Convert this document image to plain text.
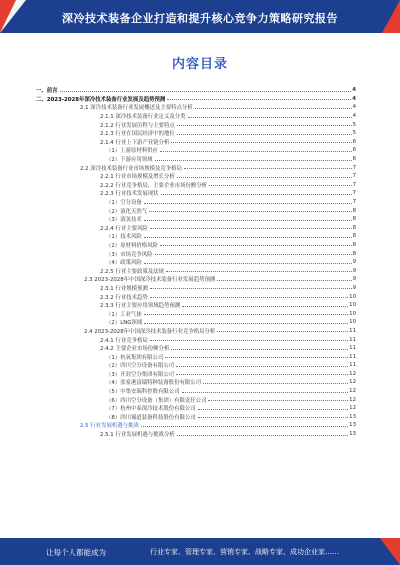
深冷技术装备企业打造和提升核心竞争力策略研究报告
内容目录
一、前言	4
二、2023-2028年深冷技术装备行业发展及趋势预测	4
2.1 深冷技术装备行业发展概述及主要特点分析	4
2.1.1 深冷技术装备行业定义及分类	4
2.1.2 行业发展历程与主要特点	5
2.1.3 行业在国民经济中的地位	5
2.1.4 行业上下游产业链分析	6
（1）上游原材料供应	6
（2）下游应用领域	6
2.2 深冷技术装备行业市场规模及竞争格局	7
2.2.1 行业市场规模及增长分析	7
2.2.2 行业竞争格局、主要企业市场份额分析	7
2.2.3 行业技术发展现状	7
（1）空分设备	7
（2）液化天然气	8
（3）液氢技术	8
2.2.4 行业主要风险	8
（1）技术风险	8
（2）原材料价格风险	8
（3）市场竞争风险	8
（4）政策风险	9
2.2.5 行业主要政策及法规	9
2.3 2023-2028年中国深冷技术装备行业发展趋势预测	9
2.3.1 行业规模预测	9
2.3.2 行业技术趋势	10
2.3.3 行业主要应用领域趋势预测	10
（1）工业气体	10
（2）LNG领域	10
2.4 2023-2028年中国深冷技术装备行业竞争格局分析	11
2.4.1 行业竞争格局	11
2.4.2 主要企业市场份额分析	11
（1）杭氧集团有限公司	11
（2）四川空分设备有限公司	11
（3）开封空分集团有限公司	12
（4）张家港富瑞特种装备股份有限公司	12
（5）中集安瑞科控股有限公司	12
（6）四川空分设备（集团）有限责任公司	12
（7）杭州中泰深冷技术股份有限公司	12
（8）四川蜀道装备科技股份有限公司	13
2.5 行业发展机遇与挑战	13
2.5.1 行业发展机遇与挑战分析	13
让每个人都能成为	行业专家、管理专家、营销专家、战略专家、成功企业家……
